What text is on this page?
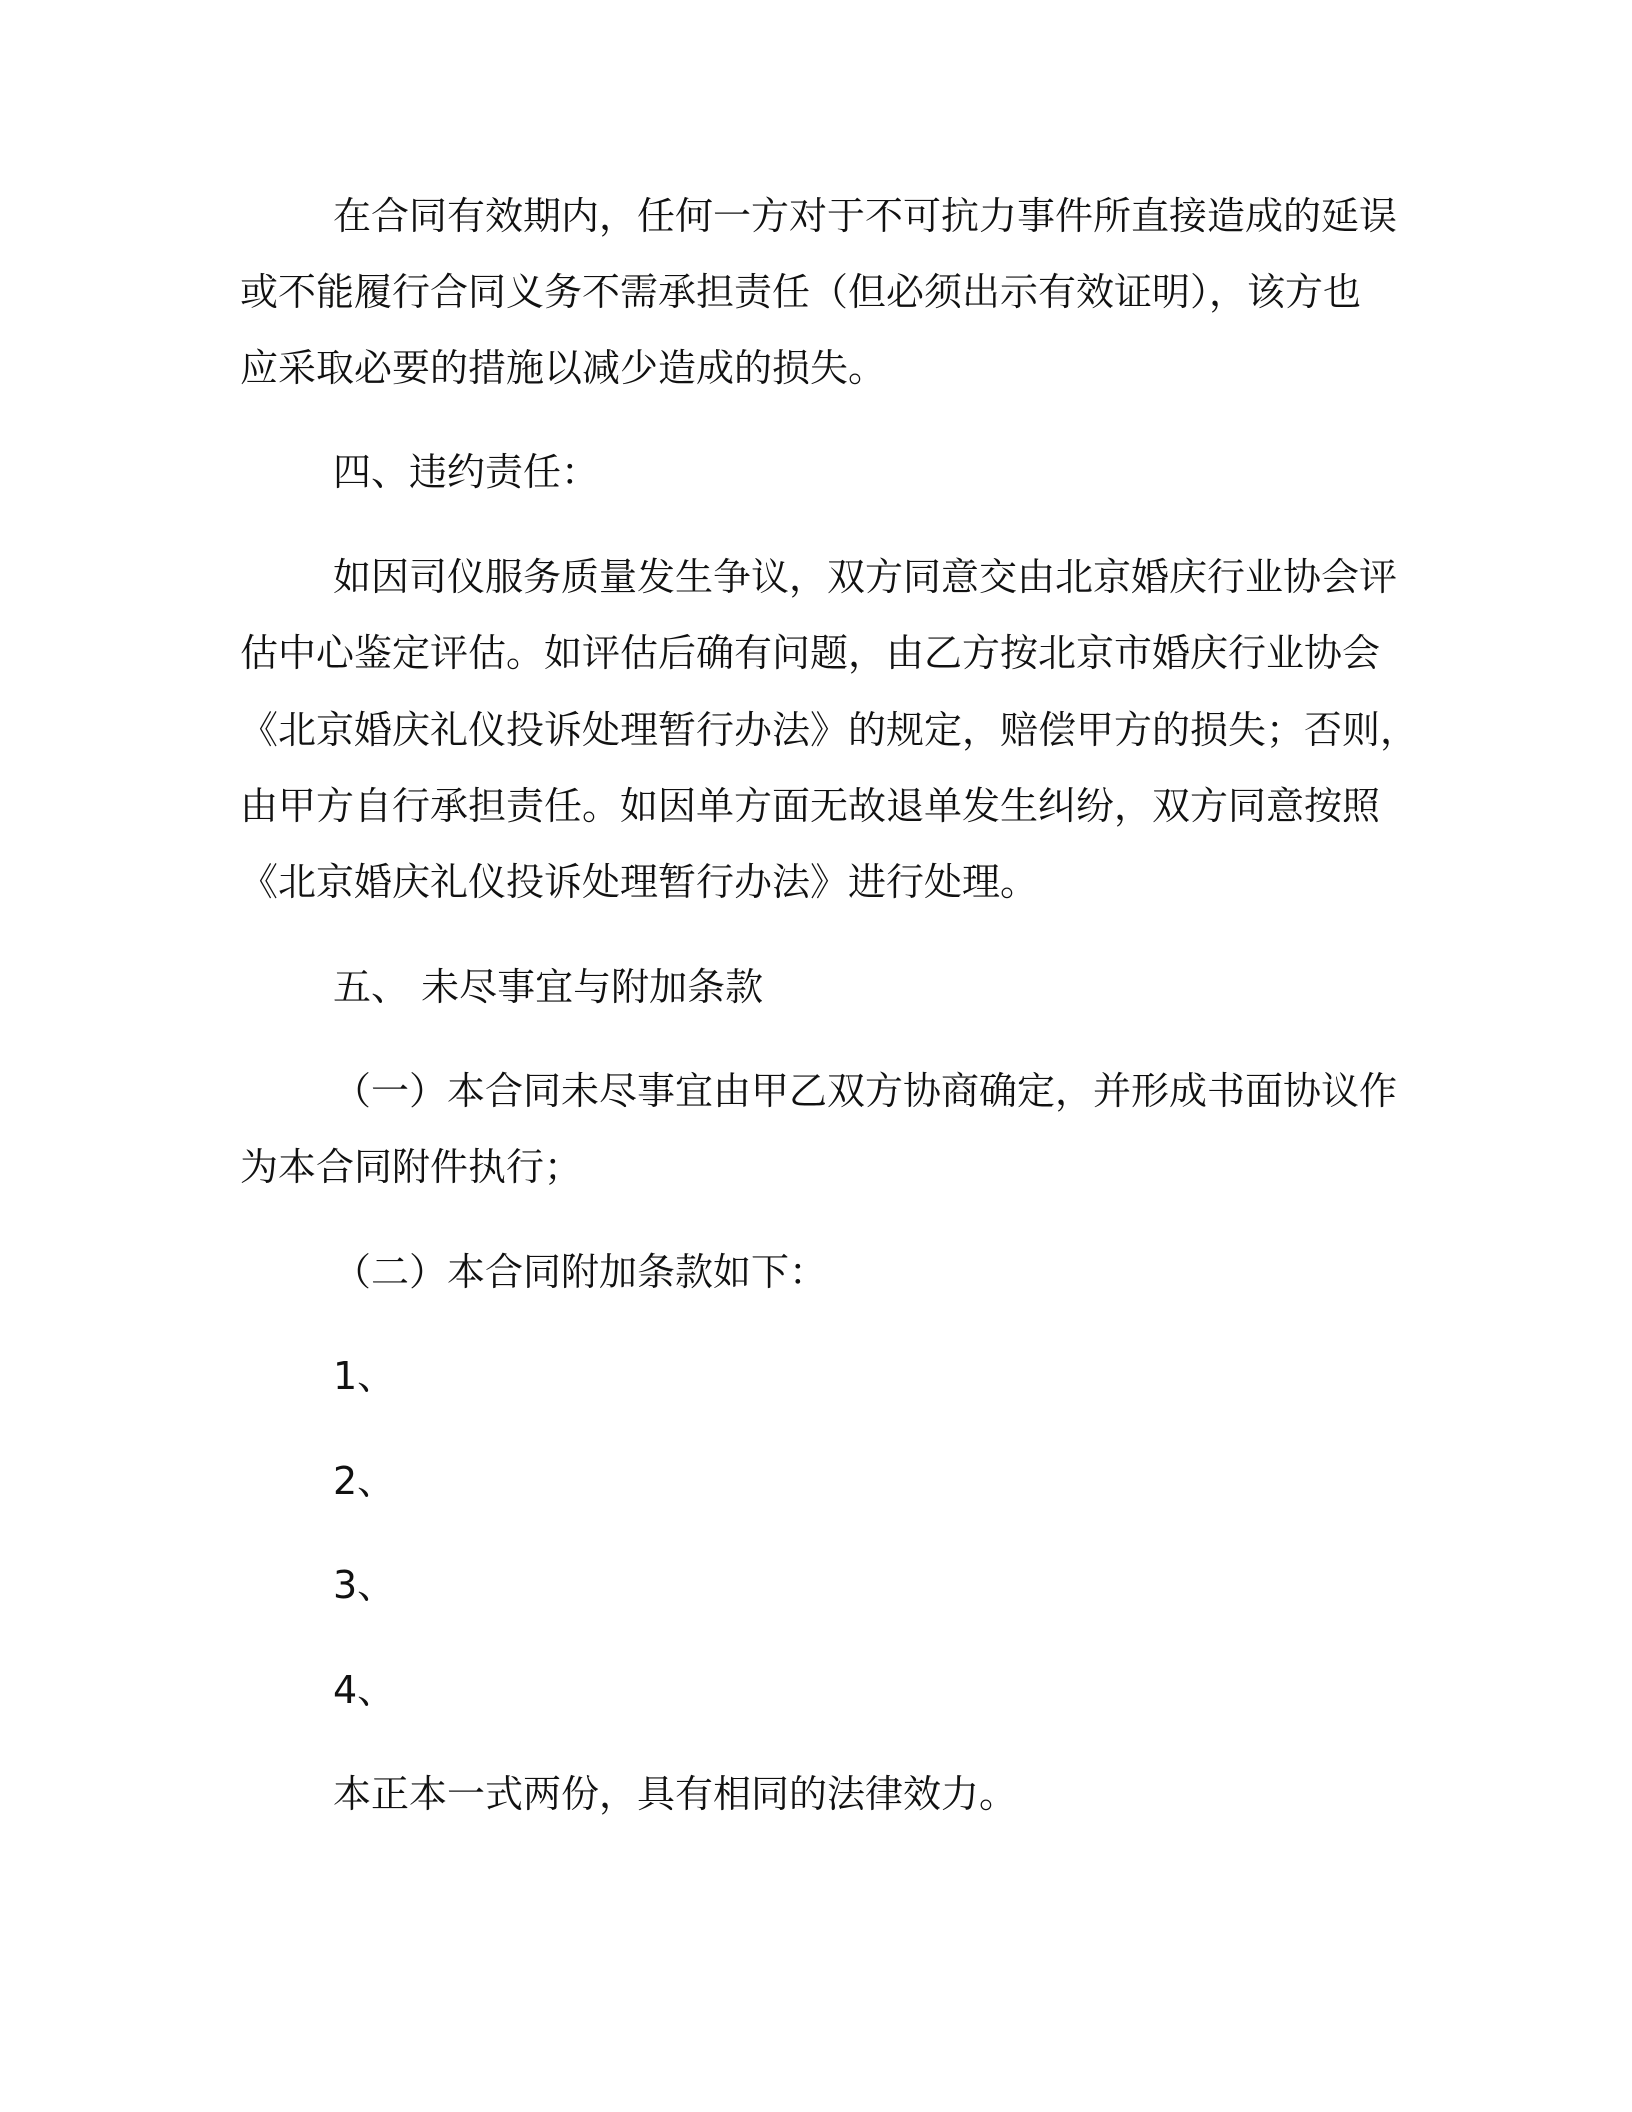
在合同有效期内，任何一方对于不可抗力事件所直接造成的延误
或不能履行合同义务不需承担责任（但必须出示有效证明），该方也
应采取必要的措施以减少造成的损失。
四、违约责任：
如因司仪服务质量发生争议，双方同意交由北京婚庆行业协会评
估中心鉴定评估。如评估后确有问题，由乙方按北京市婚庆行业协会
《北京婚庆礼仪投诉处理暂行办法》的规定，赔偿甲方的损失；否则，
由甲方自行承担责任。如因单方面无故退单发生纠纷，双方同意按照
《北京婚庆礼仪投诉处理暂行办法》进行处理。
五、 未尽事宜与附加条款
（一）本合同未尽事宜由甲乙双方协商确定，并形成书面协议作
为本合同附件执行；
（二）本合同附加条款如下：
1、
2、
3、
4、
本正本一式两份，具有相同的法律效力。
